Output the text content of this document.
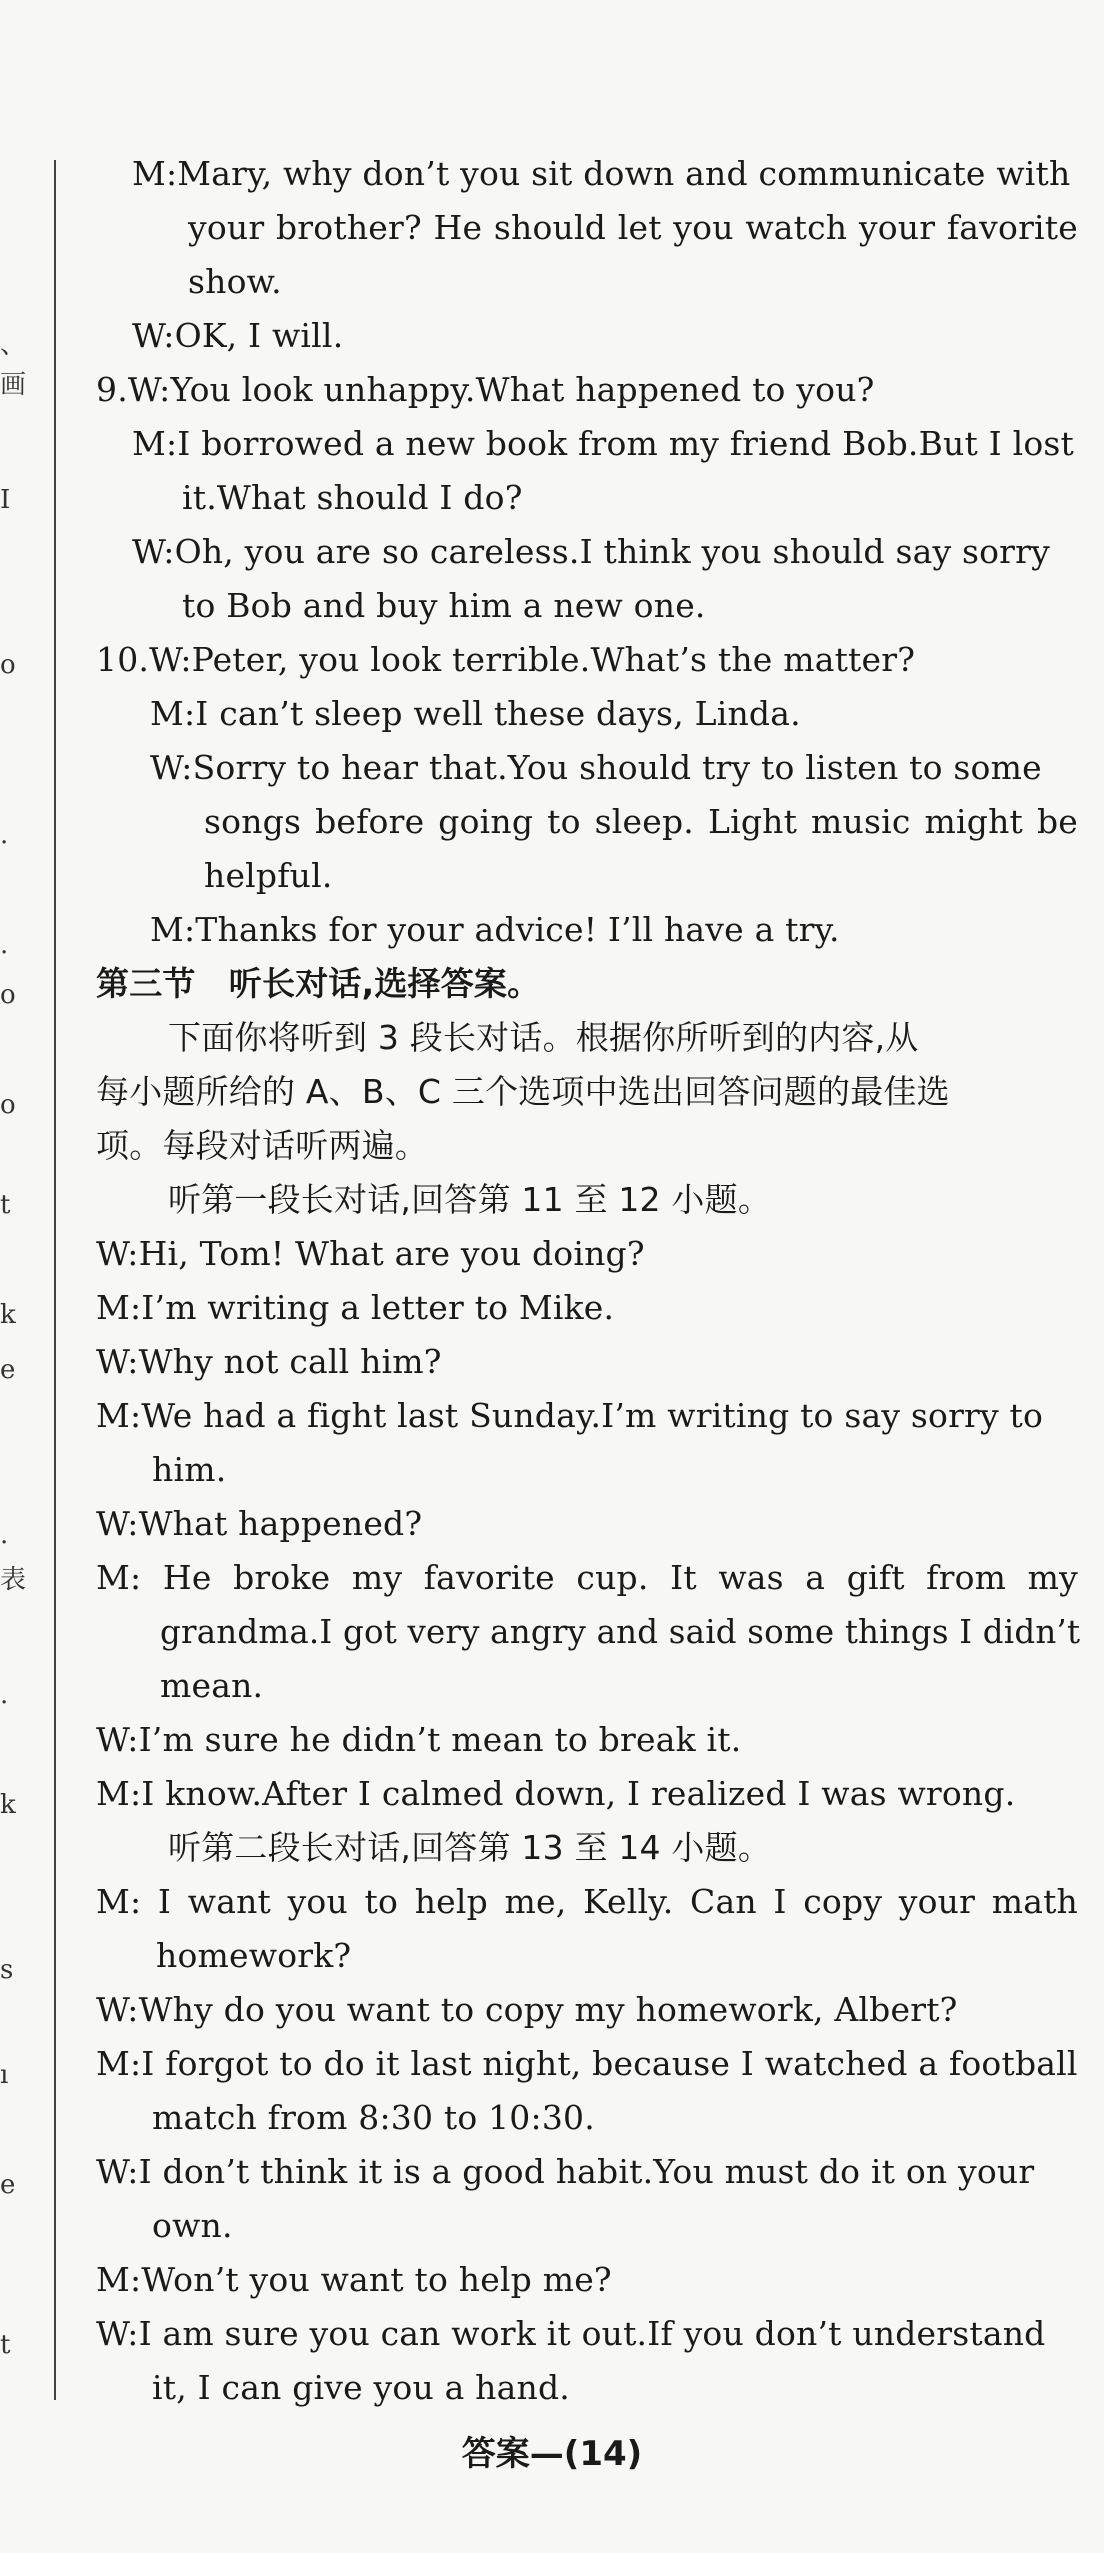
、
画
I
o
.
.
o
o
t
k
e
.
表
.
k
s
ı
e
t
M:Mary, why don’t you sit down and communicate with
your brother? He should let you watch your favorite
show.
W:OK, I will.
9.W:You look unhappy.What happened to you?
M:I borrowed a new book from my friend Bob.But I lost
it.What should I do?
W:Oh, you are so careless.I think you should say sorry
to Bob and buy him a new one.
10.W:Peter, you look terrible.What’s the matter?
M:I can’t sleep well these days, Linda.
W:Sorry to hear that.You should try to listen to some
songs before going to sleep. Light music might be
helpful.
M:Thanks for your advice! I’ll have a try.
第三节　听长对话,选择答案。
下面你将听到 3 段长对话。根据你所听到的内容,从
每小题所给的 A、B、C 三个选项中选出回答问题的最佳选
项。每段对话听两遍。
听第一段长对话,回答第 11 至 12 小题。
W:Hi, Tom! What are you doing?
M:I’m writing a letter to Mike.
W:Why not call him?
M:We had a fight last Sunday.I’m writing to say sorry to
him.
W:What happened?
M: He broke my favorite cup. It was a gift from my
grandma.I got very angry and said some things I didn’t
mean.
W:I’m sure he didn’t mean to break it.
M:I know.After I calmed down, I realized I was wrong.
听第二段长对话,回答第 13 至 14 小题。
M: I want you to help me, Kelly. Can I copy your math
homework?
W:Why do you want to copy my homework, Albert?
M:I forgot to do it last night, because I watched a football
match from 8:30 to 10:30.
W:I don’t think it is a good habit.You must do it on your
own.
M:Won’t you want to help me?
W:I am sure you can work it out.If you don’t understand
it, I can give you a hand.
答案—(14)
